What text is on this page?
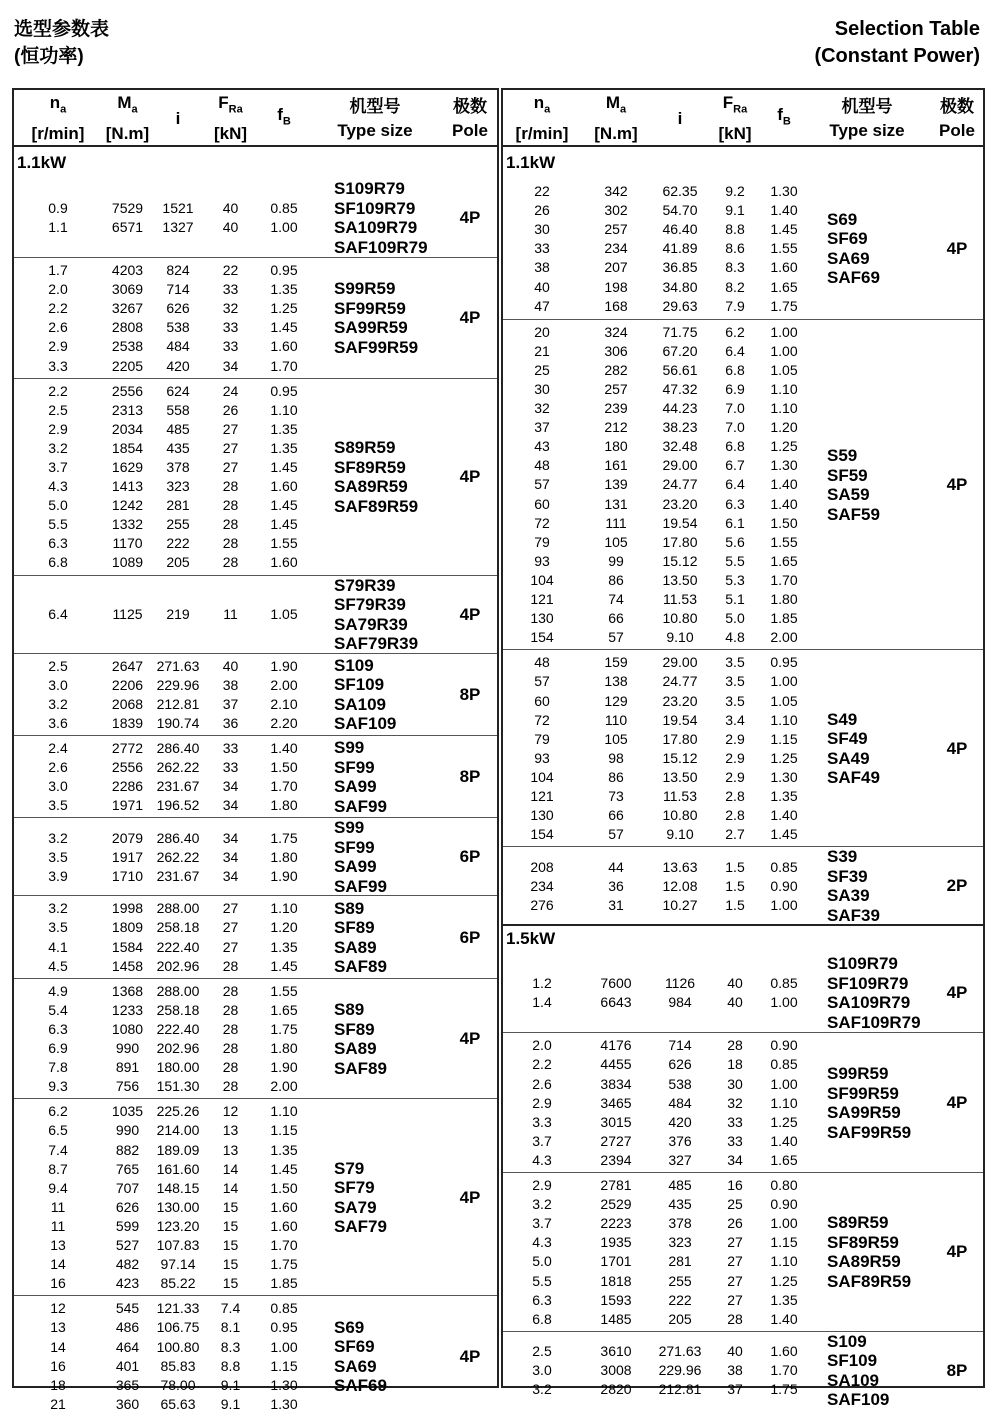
选型参数表
(恒功率)
Selection Table
(Constant Power)
$n_a$
[r/min]
$M_a$
[N.m]
i
$F_{Ra}$
[kN]
$f_B$
机型号
Type size
极数
Pole
1.1kW
0.9	7529	1521	40	0.85
1.1	6571	1327	40	1.00
S109R79
SF109R79
SA109R79
SAF109R79
4P
1.7	4203	824	22	0.95
2.0	3069	714	33	1.35
2.2	3267	626	32	1.25
2.6	2808	538	33	1.45
2.9	2538	484	33	1.60
3.3	2205	420	34	1.70
S99R59
SF99R59
SA99R59
SAF99R59
4P
2.2	2556	624	24	0.95
2.5	2313	558	26	1.10
2.9	2034	485	27	1.35
3.2	1854	435	27	1.35
3.7	1629	378	27	1.45
4.3	1413	323	28	1.60
5.0	1242	281	28	1.45
5.5	1332	255	28	1.45
6.3	1170	222	28	1.55
6.8	1089	205	28	1.60
S89R59
SF89R59
SA89R59
SAF89R59
4P
6.4	1125	219	11	1.05
S79R39
SF79R39
SA79R39
SAF79R39
4P
2.5	2647 271.63	40	1.90
3.0	2206 229.96	38	2.00
3.2	2068 212.81	37	2.10
3.6	1839 190.74	36	2.20
S109
SF109
SA109
SAF109
8P
2.4	2772 286.40	33	1.40
2.6	2556 262.22	33	1.50
3.0	2286 231.67	34	1.70
3.5	1971 196.52	34	1.80
S99
SF99
SA99
SAF99
8P
3.2	2079 286.40	34	1.75
3.5	1917 262.22	34	1.80
3.9	1710 231.67	34	1.90
S99
SF99
SA99
SAF99
6P
3.2	1998 288.00	27	1.10
3.5	1809 258.18	27	1.20
4.1	1584 222.40	27	1.35
4.5	1458 202.96	28	1.45
S89
SF89
SA89
SAF89
6P
4.9	1368 288.00	28	1.55
5.4	1233 258.18	28	1.65
6.3	1080 222.40	28	1.75
6.9	990	202.96	28	1.80
7.8	891	180.00	28	1.90
9.3	756	151.30	28	2.00
S89
SF89
SA89
SAF89
4P
6.2	1035 225.26	12	1.10
6.5	990	214.00	13	1.15
7.4	882	189.09	13	1.35
8.7	765	161.60	14	1.45
9.4	707	148.15	14	1.50
11	626	130.00	15	1.60
11	599	123.20	15	1.60
13	527	107.83	15	1.70
14	482	97.14	15	1.75
16	423	85.22	15	1.85
S79
SF79
SA79
SAF79
4P
12	545	121.33	7.4	0.85
13	486	106.75	8.1	0.95
14	464	100.80	8.3	1.00
16	401	85.83	8.8	1.15
18	365	78.00	9.1	1.30
21	360	65.63	9.1	1.30
S69
SF69
SA69
SAF69
4P
$n_a$
[r/min]
$M_a$
[N.m]
i
$F_{Ra}$
[kN]
$f_B$
机型号
Type size
极数
Pole
1.1kW
22	342	62.35	9.2	1.30
26	302	54.70	9.1	1.40
30	257	46.40	8.8	1.45
33	234	41.89	8.6	1.55
38	207	36.85	8.3	1.60
40	198	34.80	8.2	1.65
47	168	29.63	7.9	1.75
S69
SF69
SA69
SAF69
4P
20	324	71.75	6.2	1.00
21	306	67.20	6.4	1.00
25	282	56.61	6.8	1.05
30	257	47.32	6.9	1.10
32	239	44.23	7.0	1.10
37	212	38.23	7.0	1.20
43	180	32.48	6.8	1.25
48	161	29.00	6.7	1.30
57	139	24.77	6.4	1.40
60	131	23.20	6.3	1.40
72	111	19.54	6.1	1.50
79	105	17.80	5.6	1.55
93	99	15.12	5.5	1.65
104	86	13.50	5.3	1.70
121	74	11.53	5.1	1.80
130	66	10.80	5.0	1.85
154	57	9.10	4.8	2.00
S59
SF59
SA59
SAF59
4P
48	159	29.00	3.5	0.95
57	138	24.77	3.5	1.00
60	129	23.20	3.5	1.05
72	110	19.54	3.4	1.10
79	105	17.80	2.9	1.15
93	98	15.12	2.9	1.25
104	86	13.50	2.9	1.30
121	73	11.53	2.8	1.35
130	66	10.80	2.8	1.40
154	57	9.10	2.7	1.45
S49
SF49
SA49
SAF49
4P
208	44	13.63	1.5	0.85
234	36	12.08	1.5	0.90
276	31	10.27	1.5	1.00
S39
SF39
SA39
SAF39
2P
1.5kW
1.2	7600	1126	40	0.85
1.4	6643	984	40	1.00
S109R79
SF109R79
SA109R79
SAF109R79
4P
2.0	4176	714	28	0.90
2.2	4455	626	18	0.85
2.6	3834	538	30	1.00
2.9	3465	484	32	1.10
3.3	3015	420	33	1.25
3.7	2727	376	33	1.40
4.3	2394	327	34	1.65
S99R59
SF99R59
SA99R59
SAF99R59
4P
2.9	2781	485	16	0.80
3.2	2529	435	25	0.90
3.7	2223	378	26	1.00
4.3	1935	323	27	1.15
5.0	1701	281	27	1.10
5.5	1818	255	27	1.25
6.3	1593	222	27	1.35
6.8	1485	205	28	1.40
S89R59
SF89R59
SA89R59
SAF89R59
4P
2.5	3610	271.63	40	1.60
3.0	3008	229.96	38	1.70
3.2	2820	212.81	37	1.75
S109
SF109
SA109
SAF109
8P
